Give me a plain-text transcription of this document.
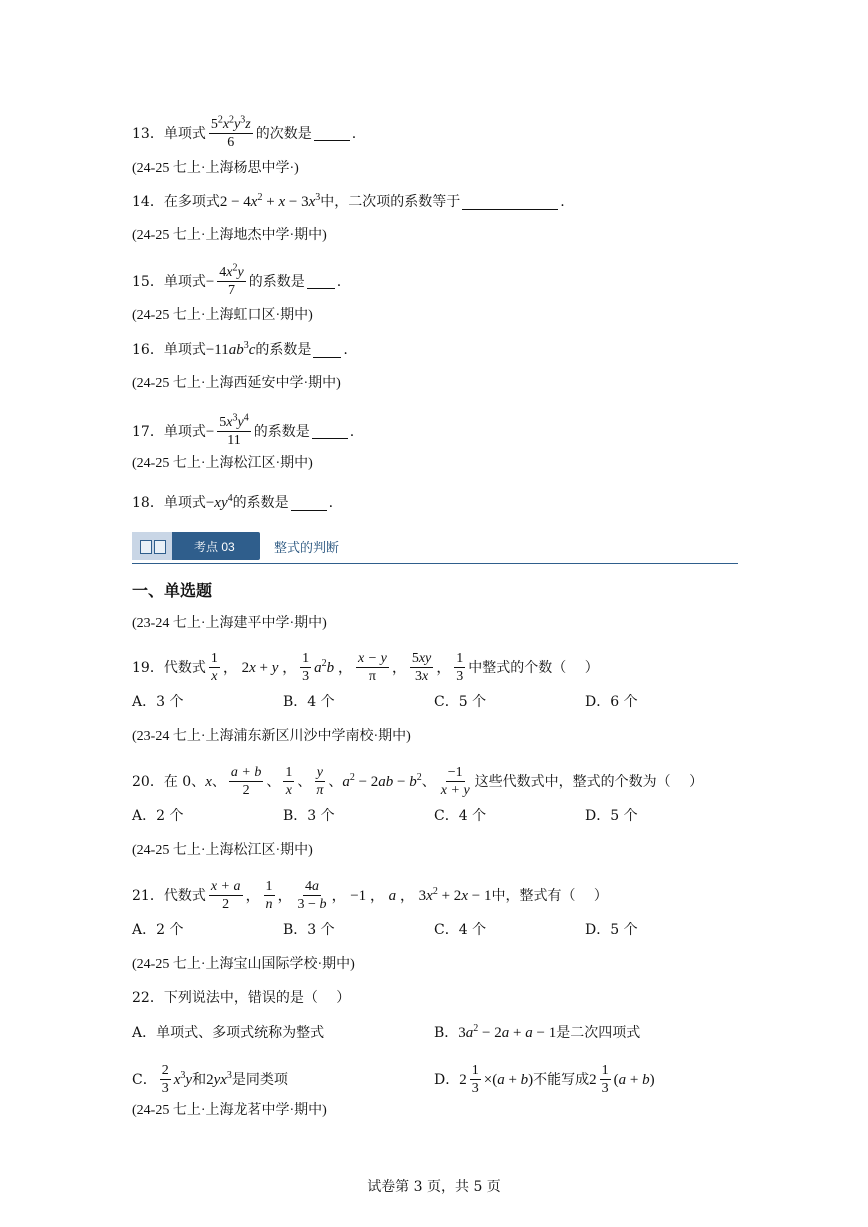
13． 单项式 $\frac{5^2x^2y^3z}{6}$ 的次数是	.
(24-25 七上·上海杨思中学·)
14． 在多项式 $2 - 4x^2 + x - 3x^3$ 中，二次项的系数等于	.
(24-25 七上·上海地杰中学·期中)
15． 单项式 − $\frac{4x^2y}{7}$ 的系数是 .
(24-25 七上·上海虹口区·期中)
16． 单项式 $-11ab^3c$ 的系数是 .
(24-25 七上·上海西延安中学·期中)
17． 单项式 − $\frac{5x^3y^4}{11}$ 的系数是	.
(24-25 七上·上海松江区·期中)
18． 单项式 $-xy^4$ 的系数是	.
考点 03	整式的判断
一、单选题
(23-24 七上·上海建平中学·期中)
19． 代数式 $\frac{1}{x}$ ， 2x + y ， $\frac{1}{3} a^2b$ ， $\frac{x - y}{\pi}$ ， $\frac{5xy}{3x}$ ， $\frac{1}{3}$ 中整式的个数（　 ）
A．3 个	B．4 个	C．5 个	D．6 个
(23-24 七上·上海浦东新区川沙中学南校·期中)
20． 在 0、 x 、 $\frac{a + b}{2}$ 、 $\frac{1}{x}$ 、 $\frac{y}{\pi}$ 、 $a^2 - 2ab - b^2$ 、 $\frac{-1}{x + y}$ 这些代数式中，整式的个数为（　 ）
A．2 个	B．3 个	C．4 个	D．5 个
(24-25 七上·上海松江区·期中)
21． 代数式 $\frac{x + a}{2}$ ， $\frac{1}{n}$ ， $\frac{4a}{3 - b}$ ， −1 ， a ， $3x^2 + 2x - 1$ 中，整式有（　 ）
A．2 个	B．3 个	C．4 个	D．5 个
(24-25 七上·上海宝山国际学校·期中)
22． 下列说法中，错误的是（　 ）
A．单项式、多项式统称为整式	B． $3a^2 - 2a + a - 1$ 是二次四项式
C． $\frac{2}{3} x^3y$ 和 $2yx^3$ 是同类项	D． $2 \frac{1}{3} \times(a + b)$ 不能写成 $2 \frac{1}{3} (a + b)$
(24-25 七上·上海龙茗中学·期中)
试卷第 3 页，共 5 页
